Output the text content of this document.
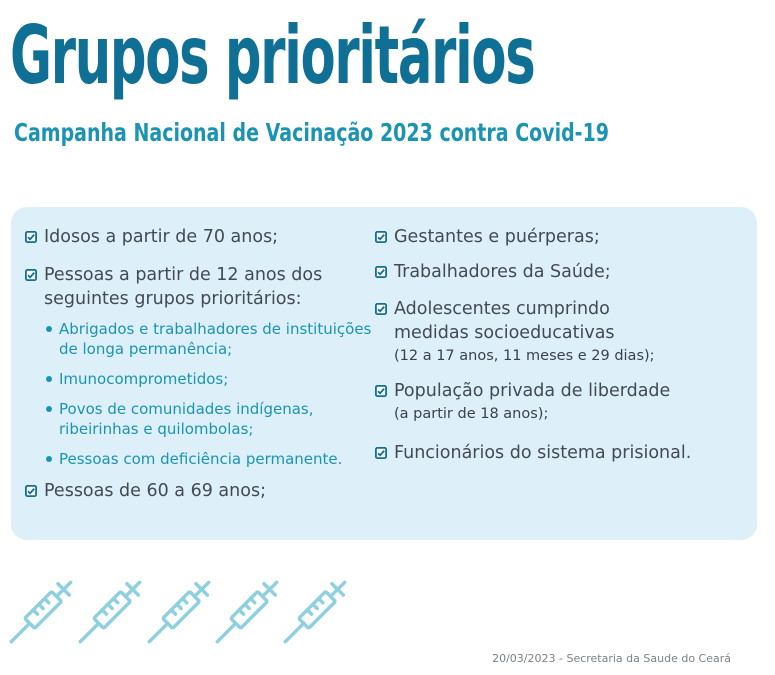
Grupos prioritários
Campanha Nacional de Vacinação 2023 contra Covid-19
Idosos a partir de 70 anos;
Pessoas a partir de 12 anos dos seguintes grupos prioritários:
Abrigados e trabalhadores de instituições de longa permanência;
Imunocomprometidos;
Povos de comunidades indígenas, ribeirinhas e quilombolas;
Pessoas com deficiência permanente.
Pessoas de 60 a 69 anos;
Gestantes e puérperas;
Trabalhadores da Saúde;
Adolescentes cumprindo medidas socioeducativas
(12 a 17 anos, 11 meses e 29 dias);
População privada de liberdade
(a partir de 18 anos);
Funcionários do sistema prisional.
20/03/2023 - Secretaria da Saude do Ceará
